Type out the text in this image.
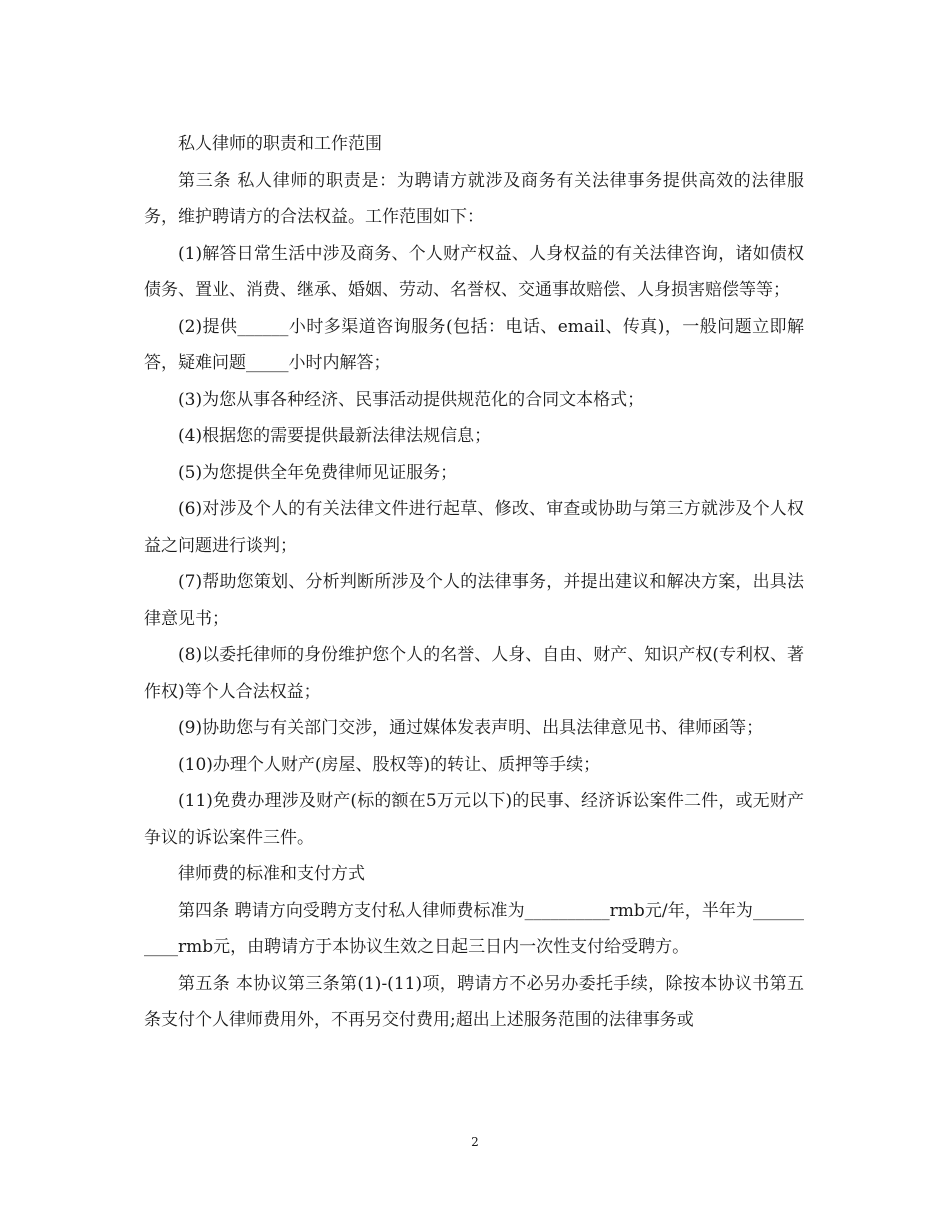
私人律师的职责和工作范围

第三条 私人律师的职责是：为聘请方就涉及商务有关法律事务提供高效的法律服务，维护聘请方的合法权益。工作范围如下：

(1)解答日常生活中涉及商务、个人财产权益、人身权益的有关法律咨询，诸如债权债务、置业、消费、继承、婚姻、劳动、名誉权、交通事故赔偿、人身损害赔偿等等；

(2)提供______小时多渠道咨询服务(包括：电话、email、传真)，一般问题立即解答，疑难问题_____小时内解答；

(3)为您从事各种经济、民事活动提供规范化的合同文本格式；

(4)根据您的需要提供最新法律法规信息；

(5)为您提供全年免费律师见证服务；

(6)对涉及个人的有关法律文件进行起草、修改、审查或协助与第三方就涉及个人权益之问题进行谈判；

(7)帮助您策划、分析判断所涉及个人的法律事务，并提出建议和解决方案，出具法律意见书；

(8)以委托律师的身份维护您个人的名誉、人身、自由、财产、知识产权(专利权、著作权)等个人合法权益；

(9)协助您与有关部门交涉，通过媒体发表声明、出具法律意见书、律师函等；

(10)办理个人财产(房屋、股权等)的转让、质押等手续；

(11)免费办理涉及财产(标的额在5万元以下)的民事、经济诉讼案件二件，或无财产争议的诉讼案件三件。

律师费的标准和支付方式

第四条 聘请方向受聘方支付私人律师费标准为__________rmb元/年，半年为__________rmb元，由聘请方于本协议生效之日起三日内一次性支付给受聘方。

第五条 本协议第三条第(1)-(11)项，聘请方不必另办委托手续，除按本协议书第五条支付个人律师费用外，不再另交付费用;超出上述服务范围的法律事务或

2
